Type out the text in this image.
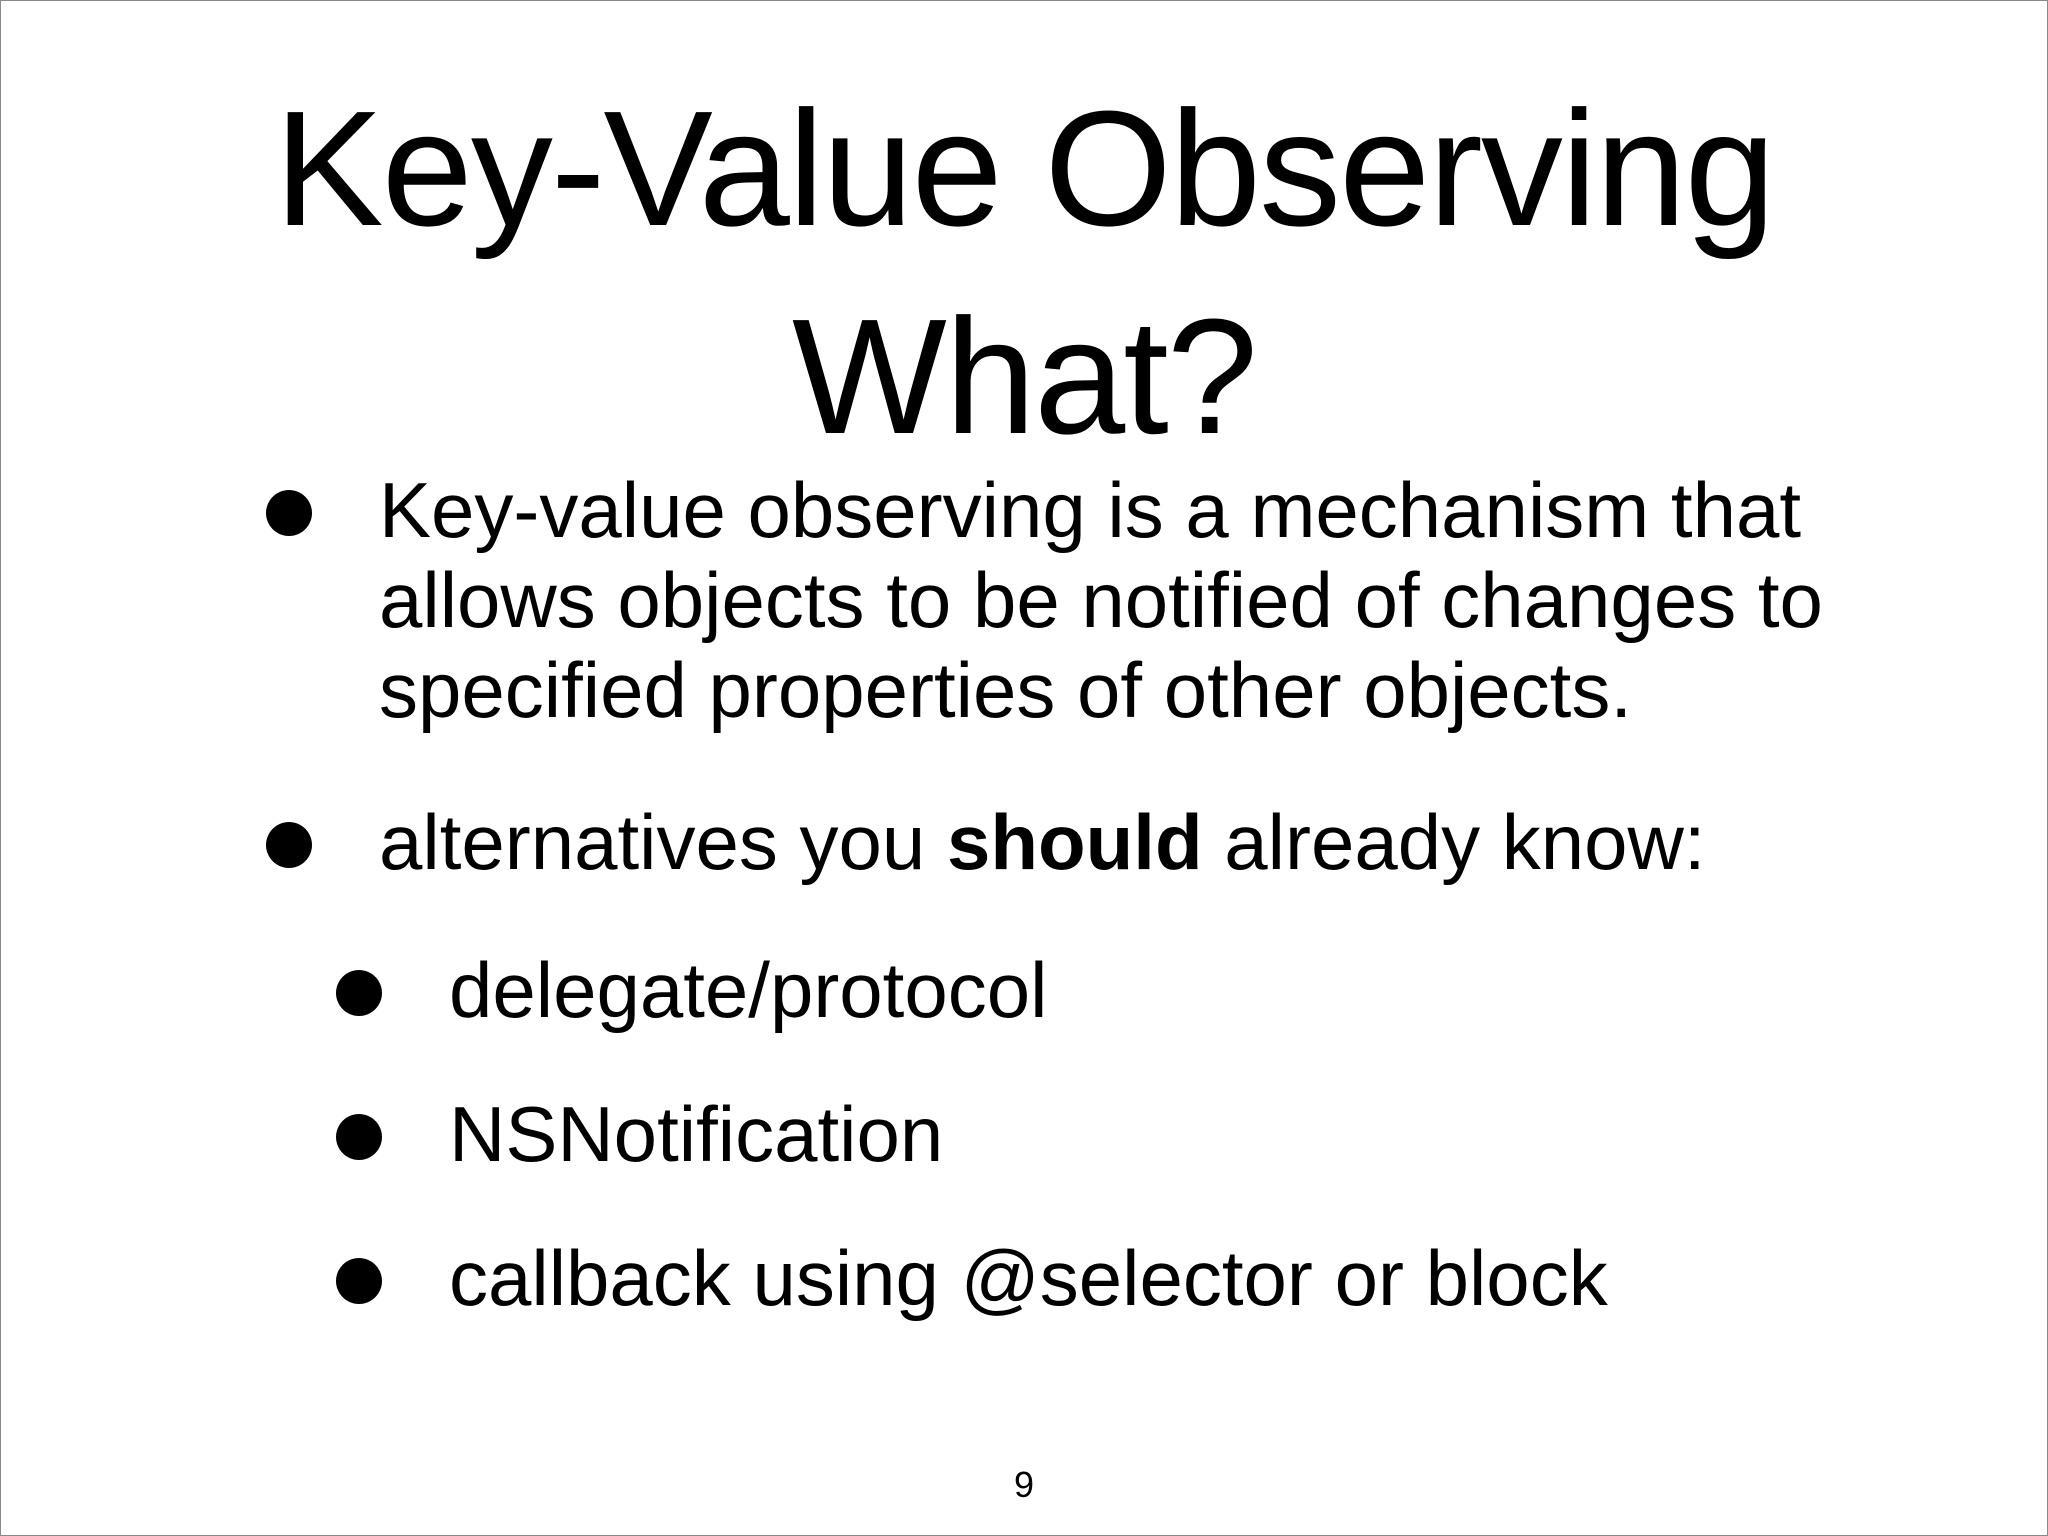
Key-Value Observing
What?
Key-value observing is a mechanism that
allows objects to be notified of changes to
specified properties of other objects.
alternatives you should already know:
delegate/protocol
NSNotification
callback using @selector or block
9
